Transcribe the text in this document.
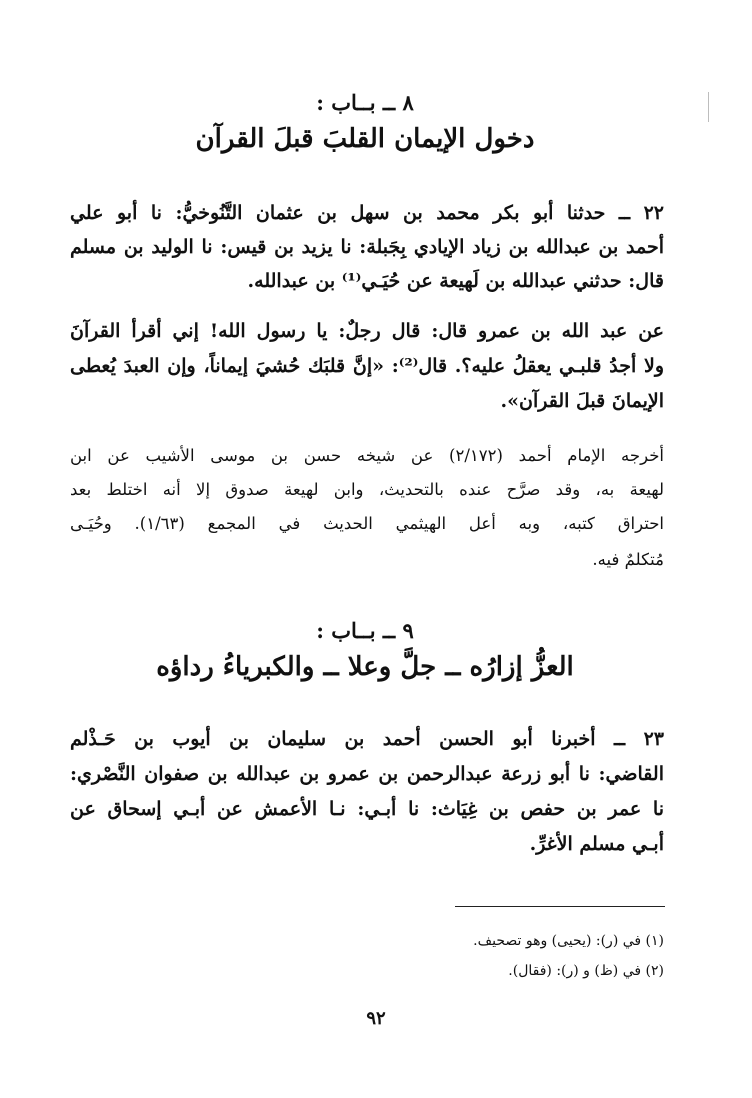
٨ ــ بــاب :
دخول الإيمان القلبَ قبلَ القرآن
٢٢ ــ حدثنا أبو بكر محمد بن سهل بن عثمان التَّنُوخيُّ: نا أبو علي
أحمد بن عبدالله بن زياد الإيادي بِجَبلة: نا يزيد بن قيس: نا الوليد بن مسلم
قال: حدثني عبدالله بن لَهيعة عن حُيَـي⁽¹⁾ بن عبدالله.
عن عبد الله بن عمرو قال: قال رجلٌ: يا رسول الله! إني أقرأ القرآنَ
ولا أجدُ قلبـي يعقلُ عليه؟. قال⁽²⁾: «إنَّ قلبَك حُشيَ إيماناً، وإن العبدَ يُعطى
الإيمانَ قبلَ القرآن».
أخرجه الإمام أحمد (٢/١٧٢) عن شيخه حسن بن موسى الأشيب عن ابن
لهيعة به، وقد صرَّح عنده بالتحديث، وابن لهيعة صدوق إلا أنه اختلط بعد
احتراق كتبه، وبه أعل الهيثمي الحديث في المجمع (١/٦٣). وحُيَـى
مُتكلمٌ فيه.
٩ ــ بــاب :
العزُّ إزارُه ــ جلَّ وعلا ــ والكبرياءُ رداؤه
٢٣ ــ أخبرنا أبو الحسن أحمد بن سليمان بن أيوب بن حَـذْلم
القاضي: نا أبو زرعة عبدالرحمن بن عمرو بن عبدالله بن صفوان النَّصْري:
نا عمر بن حفص بن غِيَاث: نا أبـي: نـا الأعمش عن أبـي إسحاق عن
أبـي مسلم الأغرِّ.
(١) في (ر): (يحيى) وهو تصحيف.
(٢) في (ظ) و (ر): (فقال).
٩٢
